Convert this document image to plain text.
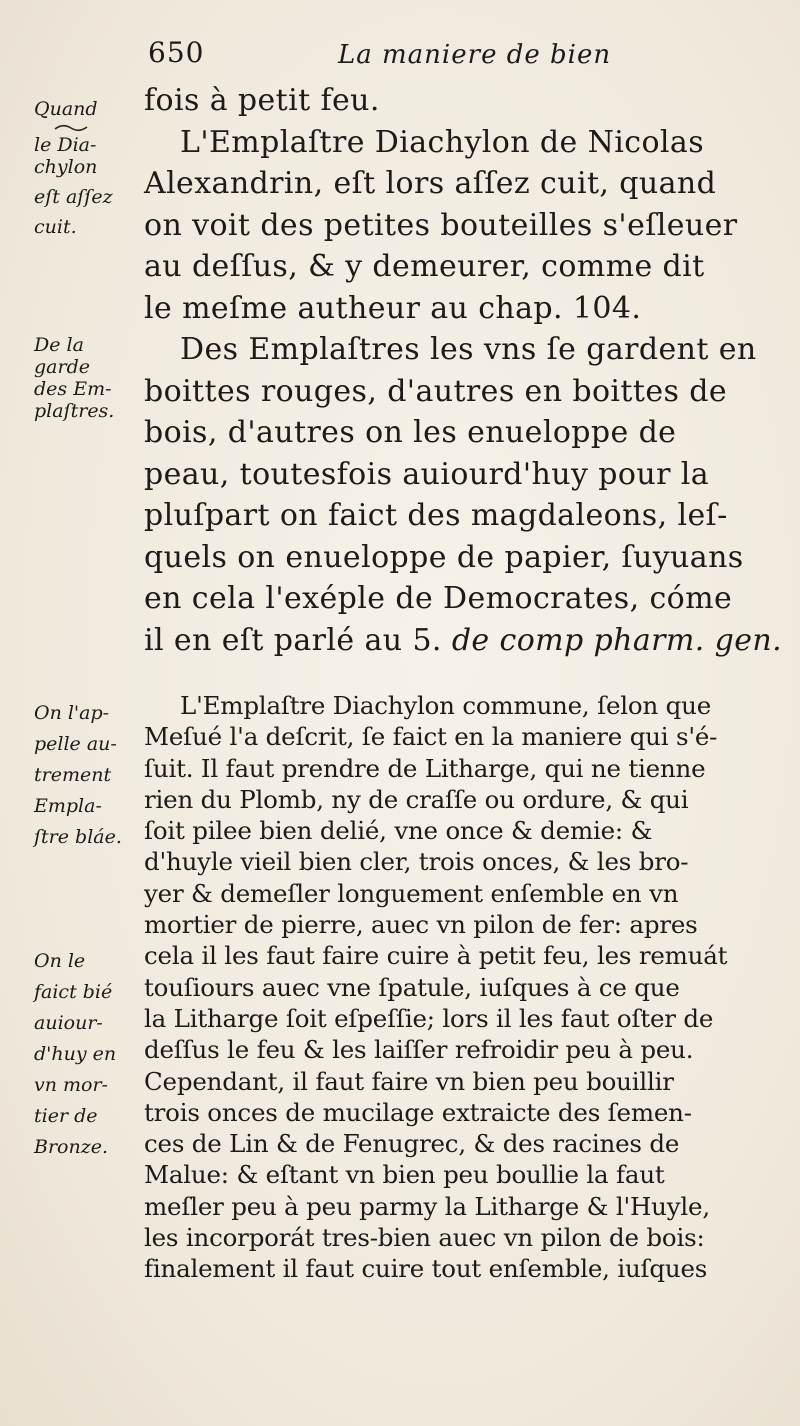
650	La maniere de bien
fois à petit feu.
L'Emplaſtre Diachylon de Nicolas
Alexandrin, eſt lors aſſez cuit, quand
on voit des petites bouteilles s'eſleuer
au deſſus, & y demeurer, comme dit
le meſme autheur au chap. 104.
Des Emplaſtres les vns ſe gardent en
boittes rouges, d'autres en boittes de
bois, d'autres on les enueloppe de
peau, toutesfois auiourd'huy pour la
pluſpart on faict des magdaleons, leſ-
quels on enueloppe de papier, ſuyuans
en cela l'exéple de Democrates, cóme
il en eſt parlé au 5. de comp pharm. gen.
L'Emplaſtre Diachylon commune, ſelon que
Meſué l'a deſcrit, ſe faict en la maniere qui s'é-
ſuit. Il faut prendre de Litharge, qui ne tienne
rien du Plomb, ny de craſſe ou ordure, & qui
ſoit pilee bien delié, vne once & demie: &
d'huyle vieil bien cler, trois onces, & les bro-
yer & demeſler longuement enſemble en vn
mortier de pierre, auec vn pilon de fer: apres
cela il les faut faire cuire à petit feu, les remuát
touſiours auec vne ſpatule, iuſques à ce que
la Litharge ſoit eſpeſſie; lors il les faut oſter de
deſſus le feu & les laiſſer refroidir peu à peu.
Cependant, il faut faire vn bien peu bouillir
trois onces de mucilage extraicte des ſemen-
ces de Lin & de Fenugrec, & des racines de
Malue: & eſtant vn bien peu boullie la faut
meſler peu à peu parmy la Litharge & l'Huyle,
les incorporát tres-bien auec vn pilon de bois:
finalement il faut cuire tout enſemble, iuſques
Quand
le Dia-
chylon
eſt aſſez
cuit.
De la
garde
des Em-
plaſtres.
On l'ap-
pelle au-
trement
Empla-
ſtre bláe.
On le
faict bié
auiour-
d'huy en
vn mor-
tier de
Bronze.
